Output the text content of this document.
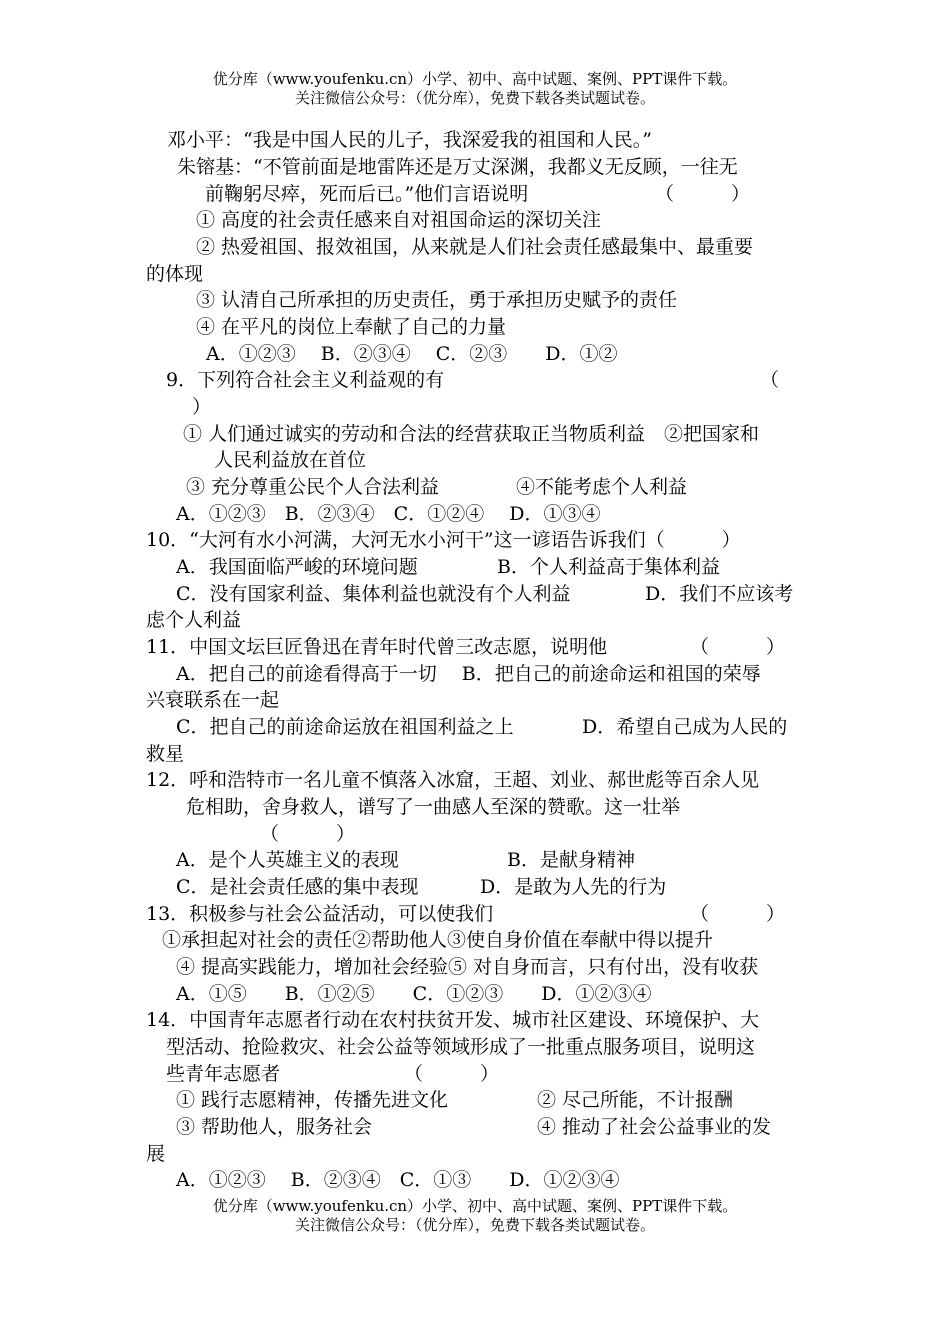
优分库（www.youfenku.cn）小学、初中、高中试题、案例、PPT课件下载。
关注微信公众号：（优分库），免费下载各类试题试卷。
邓小平：“我是中国人民的儿子，我深爱我的祖国和人民。”
朱镕基：“不管前面是地雷阵还是万丈深渊，我都义无反顾，一往无
前鞠躬尽瘁，死而后已。”他们言语说明	（　　　）
① 高度的社会责任感来自对祖国命运的深切关注
② 热爱祖国、报效祖国，从来就是人们社会责任感最集中、最重要
的体现
③ 认清自己所承担的历史责任，勇于承担历史赋予的责任
④ 在平凡的岗位上奉献了自己的力量
A．①②③　 B．②③④　 C．②③　　D．①②
9．下列符合社会主义利益观的有	（
）
① 人们通过诚实的劳动和合法的经营获取正当物质利益　②把国家和
人民利益放在首位
③ 充分尊重公民个人合法利益	④不能考虑个人利益
A．①②③　B．②③④　C．①②④　 D．①③④
10．“大河有水小河满，大河无水小河干”这一谚语告诉我们（　　　）
A．我国面临严峻的环境问题	B．个人利益高于集体利益
C．没有国家利益、集体利益也就没有个人利益	D．我们不应该考
虑个人利益
11．中国文坛巨匠鲁迅在青年时代曾三改志愿，说明他	（　　　）
A．把自己的前途看得高于一切　 B．把自己的前途命运和祖国的荣辱
兴衰联系在一起
C．把自己的前途命运放在祖国利益之上	D．希望自己成为人民的
救星
12．呼和浩特市一名儿童不慎落入冰窟，王超、刘业、郝世彪等百余人见
危相助，舍身救人，谱写了一曲感人至深的赞歌。这一壮举
（　　　）
A．是个人英雄主义的表现	B．是献身精神
C．是社会责任感的集中表现	D．是敢为人先的行为
13．积极参与社会公益活动，可以使我们	（　　　）
①承担起对社会的责任②帮助他人③使自身价值在奉献中得以提升
④ 提高实践能力，增加社会经验⑤ 对自身而言，只有付出，没有收获
A．①⑤　　B．①②⑤　　C．①②③　　D．①②③④
14．中国青年志愿者行动在农村扶贫开发、城市社区建设、环境保护、大
型活动、抢险救灾、社会公益等领域形成了一批重点服务项目，说明这
些青年志愿者	（　　　）
① 践行志愿精神，传播先进文化	② 尽己所能，不计报酬
③ 帮助他人，服务社会	④ 推动了社会公益事业的发
展
A．①②③　 B．②③④　C．①③　　D．①②③④
优分库（www.youfenku.cn）小学、初中、高中试题、案例、PPT课件下载。
关注微信公众号：（优分库），免费下载各类试题试卷。
